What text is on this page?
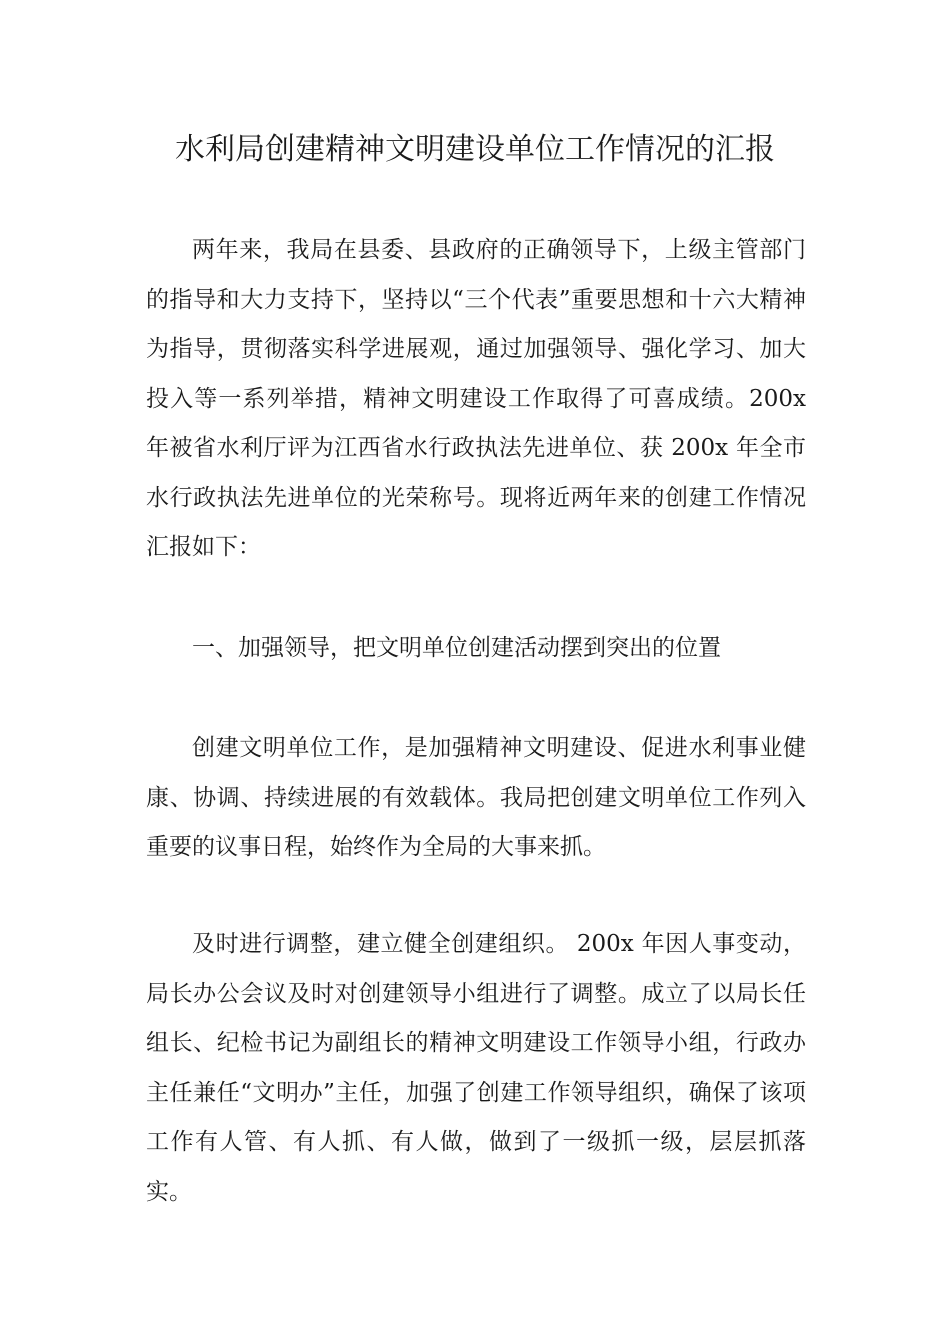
水利局创建精神文明建设单位工作情况的汇报

两年来，我局在县委、县政府的正确领导下，上级主管部门的指导和大力支持下，坚持以“三个代表”重要思想和十六大精神为指导，贯彻落实科学进展观，通过加强领导、强化学习、加大投入等一系列举措，精神文明建设工作取得了可喜成绩。200x 年被省水利厅评为江西省水行政执法先进单位、获 200x 年全市水行政执法先进单位的光荣称号。现将近两年来的创建工作情况汇报如下：

一、加强领导，把文明单位创建活动摆到突出的位置

创建文明单位工作，是加强精神文明建设、促进水利事业健康、协调、持续进展的有效载体。我局把创建文明单位工作列入重要的议事日程，始终作为全局的大事来抓。

及时进行调整，建立健全创建组织。 200x 年因人事变动，局长办公会议及时对创建领导小组进行了调整。成立了以局长任组长、纪检书记为副组长的精神文明建设工作领导小组，行政办主任兼任“文明办”主任，加强了创建工作领导组织，确保了该项工作有人管、有人抓、有人做，做到了一级抓一级，层层抓落实。
